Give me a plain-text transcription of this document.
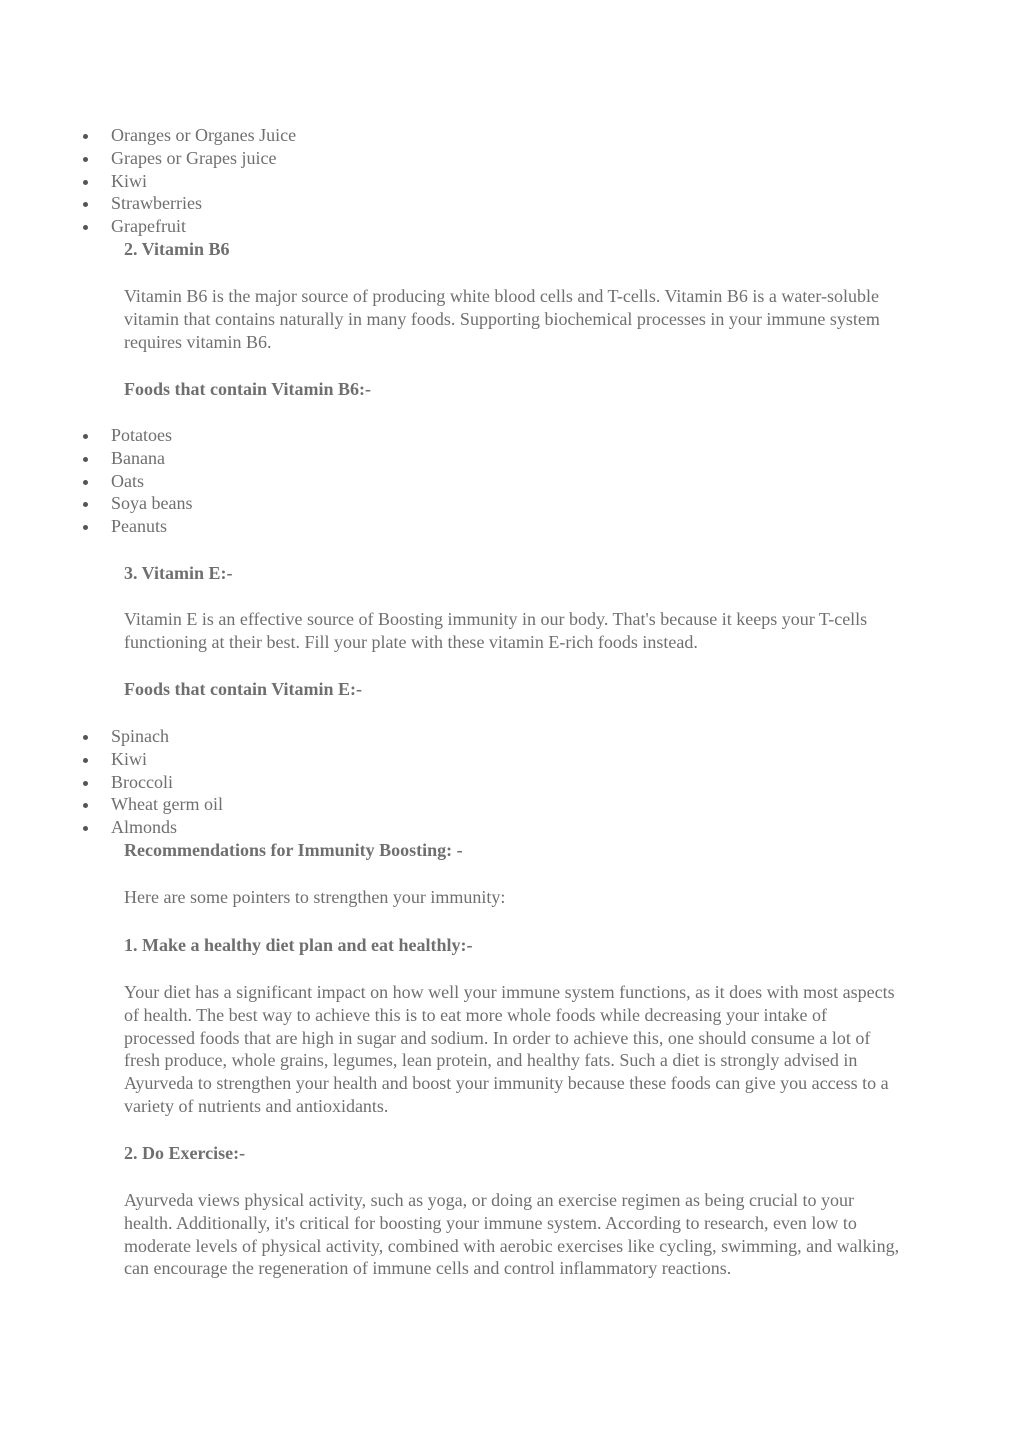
Oranges or Organes Juice
Grapes or Grapes juice
Kiwi
Strawberries
Grapefruit
2. Vitamin B6

Vitamin B6 is the major source of producing white blood cells and T-cells. Vitamin B6 is a water-soluble vitamin that contains naturally in many foods. Supporting biochemical processes in your immune system requires vitamin B6.

Foods that contain Vitamin B6:-
Potatoes
Banana
Oats
Soya beans
Peanuts
3. Vitamin E:-

Vitamin E is an effective source of Boosting immunity in our body. That's because it keeps your T-cells functioning at their best. Fill your plate with these vitamin E-rich foods instead.

Foods that contain Vitamin E:-
Spinach
Kiwi
Broccoli
Wheat germ oil
Almonds
Recommendations for Immunity Boosting: -

Here are some pointers to strengthen your immunity:

1. Make a healthy diet plan and eat healthly:-

Your diet has a significant impact on how well your immune system functions, as it does with most aspects of health. The best way to achieve this is to eat more whole foods while decreasing your intake of processed foods that are high in sugar and sodium. In order to achieve this, one should consume a lot of fresh produce, whole grains, legumes, lean protein, and healthy fats. Such a diet is strongly advised in Ayurveda to strengthen your health and boost your immunity because these foods can give you access to a variety of nutrients and antioxidants.

2. Do Exercise:-

Ayurveda views physical activity, such as yoga, or doing an exercise regimen as being crucial to your health. Additionally, it's critical for boosting your immune system. According to research, even low to moderate levels of physical activity, combined with aerobic exercises like cycling, swimming, and walking, can encourage the regeneration of immune cells and control inflammatory reactions.
